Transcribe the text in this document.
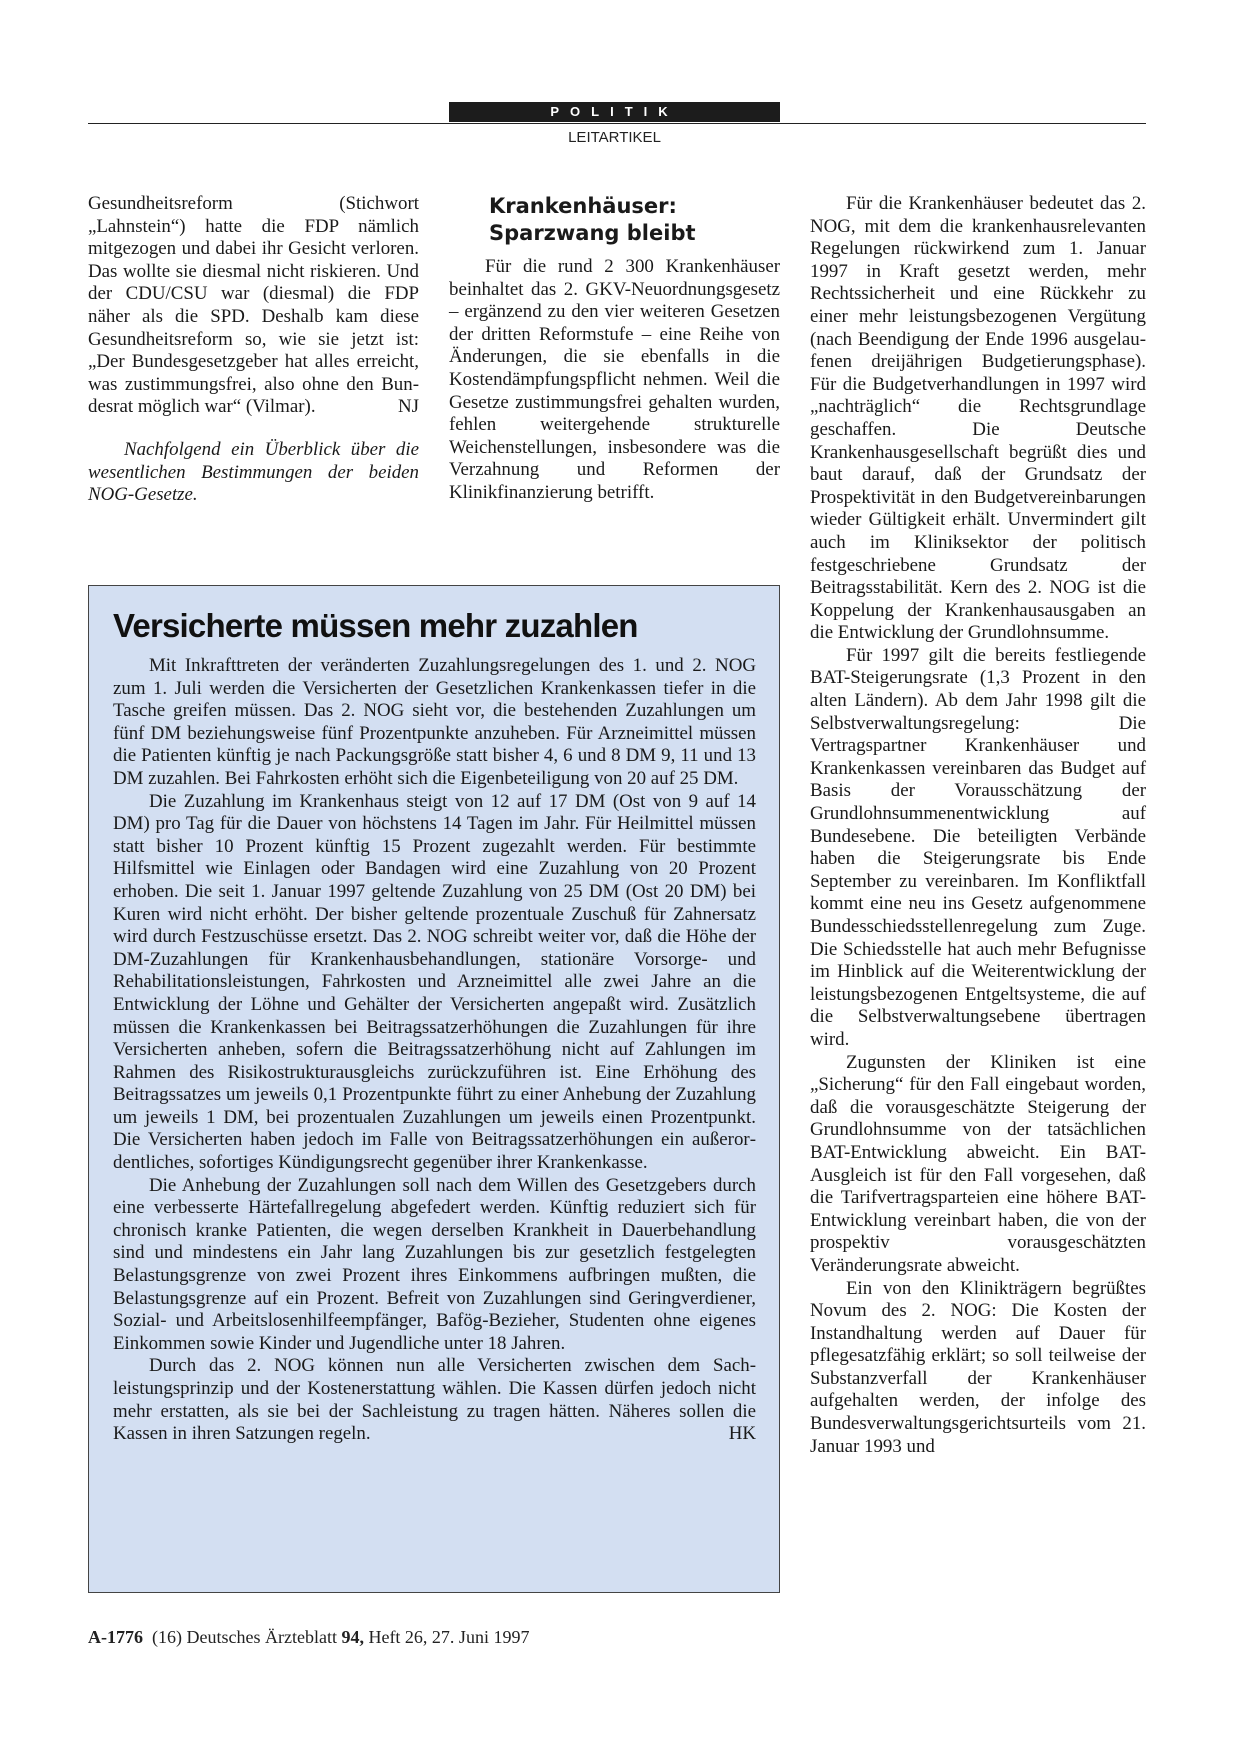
POLITIK
LEITARTIKEL

Gesundheitsreform (Stichwort „Lahnstein“) hatte die FDP nämlich mitgezogen und dabei ihr Gesicht verloren. Das wollte sie diesmal nicht riskieren. Und der CDU/CSU war (diesmal) die FDP näher als die SPD. Deshalb kam diese Gesundheitsreform so, wie sie jetzt ist: „Der Bundesgesetzgeber hat alles erreicht, was zustimmungsfrei, also ohne den Bundesrat möglich war“ (Vilmar).	NJ

Nachfolgend ein Überblick über die wesentlichen Bestimmungen der beiden NOG-Gesetze.

Krankenhäuser:
Sparzwang bleibt

Für die rund 2 300 Krankenhäuser beinhaltet das 2. GKV-Neuordnungsgesetz – ergänzend zu den vier weiteren Gesetzen der dritten Reformstufe – eine Reihe von Änderungen, die sie ebenfalls in die Kostendämpfungspflicht nehmen. Weil die Gesetze zustimmungsfrei gehalten wurden, fehlen weitergehende strukturelle Weichenstellungen, insbesondere was die Verzahnung und Reformen der Klinikfinanzierung betrifft.

Versicherte müssen mehr zuzahlen

Mit Inkrafttreten der veränderten Zuzahlungsregelungen des 1. und 2. NOG zum 1. Juli werden die Versicherten der Gesetzlichen Krankenkassen tiefer in die Tasche greifen müssen. Das 2. NOG sieht vor, die bestehenden Zuzahlungen um fünf DM beziehungsweise fünf Prozentpunkte anzuheben. Für Arzneimittel müssen die Patienten künftig je nach Packungsgröße statt bisher 4, 6 und 8 DM 9, 11 und 13 DM zuzahlen. Bei Fahrkosten erhöht sich die Eigenbeteiligung von 20 auf 25 DM.

Die Zuzahlung im Krankenhaus steigt von 12 auf 17 DM (Ost von 9 auf 14 DM) pro Tag für die Dauer von höchstens 14 Tagen im Jahr. Für Heilmittel müssen statt bisher 10 Prozent künftig 15 Prozent zugezahlt werden. Für bestimmte Hilfsmittel wie Einlagen oder Bandagen wird eine Zuzahlung von 20 Prozent erhoben. Die seit 1. Januar 1997 geltende Zuzahlung von 25 DM (Ost 20 DM) bei Kuren wird nicht erhöht. Der bisher geltende prozentuale Zuschuß für Zahnersatz wird durch Festzuschüsse ersetzt. Das 2. NOG schreibt weiter vor, daß die Höhe der DM-Zuzahlungen für Krankenhausbehandlungen, stationäre Vorsorge- und Rehabilitationsleistungen, Fahrkosten und Arzneimittel alle zwei Jahre an die Entwicklung der Löhne und Gehälter der Versicherten angepaßt wird. Zusätzlich müssen die Krankenkassen bei Beitragssatzerhöhungen die Zuzahlungen für ihre Versicherten anheben, sofern die Beitragssatzerhöhung nicht auf Zahlungen im Rahmen des Risikostrukturausgleichs zurückzuführen ist. Eine Erhöhung des Beitragssatzes um jeweils 0,1 Prozentpunkte führt zu einer Anhebung der Zuzahlung um jeweils 1 DM, bei prozentualen Zuzahlungen um jeweils einen Prozentpunkt. Die Versicherten haben jedoch im Falle von Beitragssatzerhöhungen ein außerordentliches, sofortiges Kündigungsrecht gegenüber ihrer Krankenkasse.

Die Anhebung der Zuzahlungen soll nach dem Willen des Gesetzgebers durch eine verbesserte Härtefallregelung abgefedert werden. Künftig reduziert sich für chronisch kranke Patienten, die wegen derselben Krankheit in Dauerbehandlung sind und mindestens ein Jahr lang Zuzahlungen bis zur gesetzlich festgelegten Belastungsgrenze von zwei Prozent ihres Einkommens aufbringen mußten, die Belastungsgrenze auf ein Prozent. Befreit von Zuzahlungen sind Geringverdiener, Sozial- und Arbeitslosenhilfeempfänger, Bafög-Bezieher, Studenten ohne eigenes Einkommen sowie Kinder und Jugendliche unter 18 Jahren.

Durch das 2. NOG können nun alle Versicherten zwischen dem Sachleistungsprinzip und der Kostenerstattung wählen. Die Kassen dürfen jedoch nicht mehr erstatten, als sie bei der Sachleistung zu tragen hätten. Näheres sollen die Kassen in ihren Satzungen regeln.	HK

Für die Krankenhäuser bedeutet das 2. NOG, mit dem die krankenhausrelevanten Regelungen rückwirkend zum 1. Januar 1997 in Kraft gesetzt werden, mehr Rechtssicherheit und eine Rückkehr zu einer mehr leistungsbezogenen Vergütung (nach Beendigung der Ende 1996 ausgelaufenen dreijährigen Budgetierungsphase). Für die Budgetverhandlungen in 1997 wird „nachträglich“ die Rechtsgrundlage geschaffen. Die Deutsche Krankenhausgesellschaft begrüßt dies und baut darauf, daß der Grundsatz der Prospektivität in den Budgetvereinbarungen wieder Gültigkeit erhält. Unvermindert gilt auch im Kliniksektor der politisch festgeschriebene Grundsatz der Beitragsstabilität. Kern des 2. NOG ist die Koppelung der Krankenhausausgaben an die Entwicklung der Grundlohnsumme.

Für 1997 gilt die bereits festliegende BAT-Steigerungsrate (1,3 Prozent in den alten Ländern). Ab dem Jahr 1998 gilt die Selbstverwaltungsregelung: Die Vertragspartner Krankenhäuser und Krankenkassen vereinbaren das Budget auf Basis der Vorausschätzung der Grundlohnsummenentwicklung auf Bundesebene. Die beteiligten Verbände haben die Steigerungsrate bis Ende September zu vereinbaren. Im Konfliktfall kommt eine neu ins Gesetz aufgenommene Bundesschiedsstellenregelung zum Zuge. Die Schiedsstelle hat auch mehr Befugnisse im Hinblick auf die Weiterentwicklung der leistungsbezogenen Entgeltsysteme, die auf die Selbstverwaltungsebene übertragen wird.

Zugunsten der Kliniken ist eine „Sicherung“ für den Fall eingebaut worden, daß die vorausgeschätzte Steigerung der Grundlohnsumme von der tatsächlichen BAT-Entwicklung abweicht. Ein BAT-Ausgleich ist für den Fall vorgesehen, daß die Tarifvertragsparteien eine höhere BAT-Entwicklung vereinbart haben, die von der prospektiv vorausgeschätzten Veränderungsrate abweicht.

Ein von den Klinikträgern begrüßtes Novum des 2. NOG: Die Kosten der Instandhaltung werden auf Dauer für pflegesatzfähig erklärt; so soll teilweise der Substanzverfall der Krankenhäuser aufgehalten werden, der infolge des Bundesverwaltungsgerichtsurteils vom 21. Januar 1993 und

A-1776 (16) Deutsches Ärzteblatt 94, Heft 26, 27. Juni 1997
